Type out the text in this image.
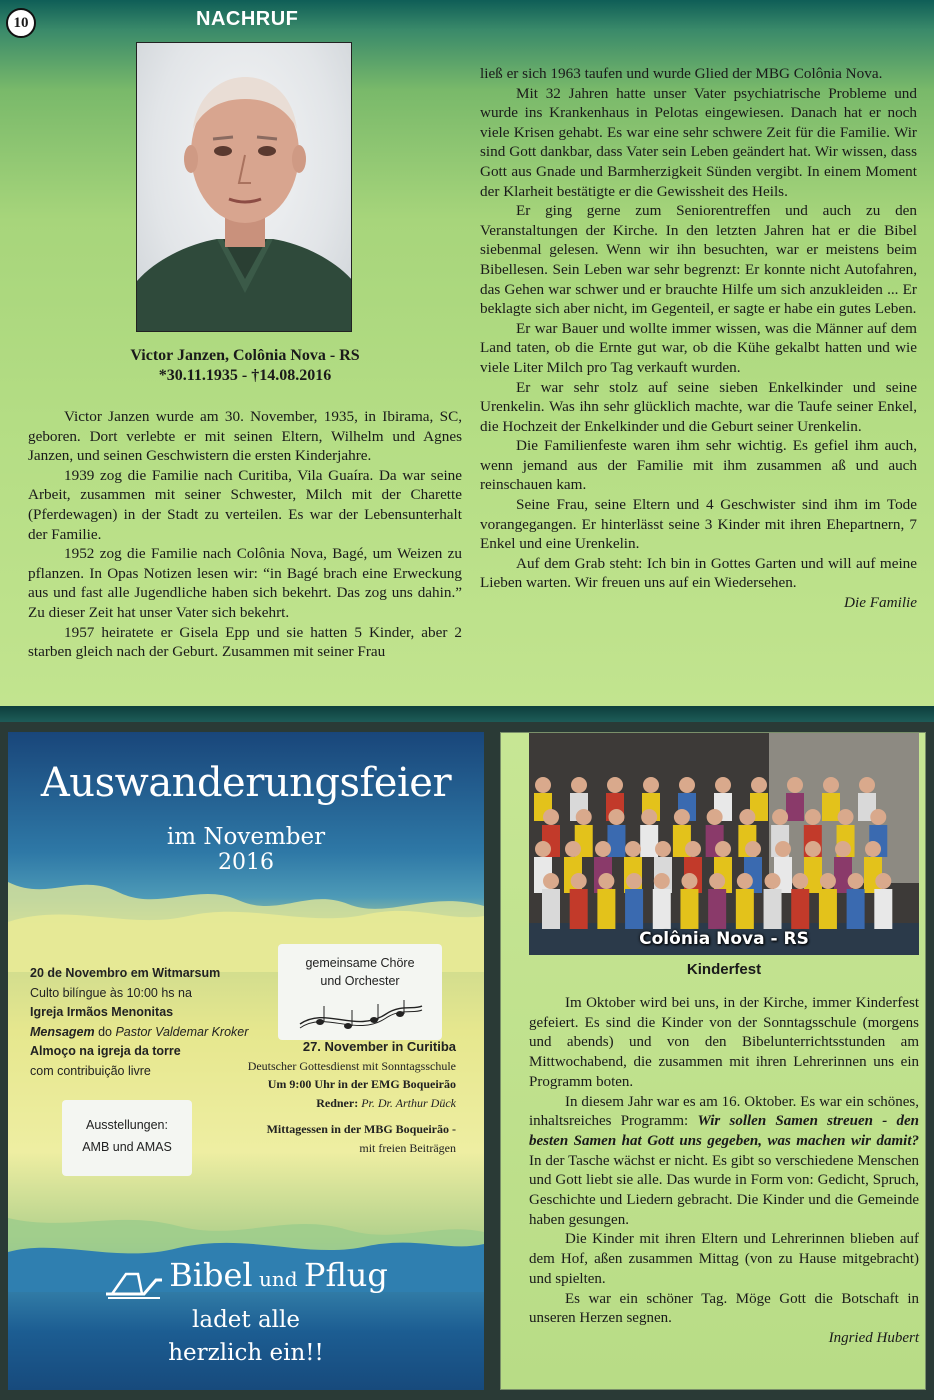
10	NACHRUF
Victor Janzen, Colônia Nova - RS
*30.11.1935 - †14.08.2016

Victor Janzen wurde am 30. November, 1935, in Ibirama, SC, geboren. Dort verlebte er mit seinen Eltern, Wilhelm und Agnes Janzen, und seinen Geschwistern die ersten Kinderjahre.

1939 zog die Familie nach Curitiba, Vila Guaíra. Da war seine Arbeit, zusammen mit seiner Schwester, Milch mit der Charette (Pferdewagen) in der Stadt zu verteilen. Es war der Lebensunterhalt der Familie.

1952 zog die Familie nach Colônia Nova, Bagé, um Weizen zu pflanzen. In Opas Notizen lesen wir: “in Bagé brach eine Erweckung aus und fast alle Jugendliche haben sich bekehrt. Das zog uns dahin.” Zu dieser Zeit hat unser Vater sich bekehrt.

1957 heiratete er Gisela Epp und sie hatten 5 Kinder, aber 2 starben gleich nach der Geburt. Zusammen mit seiner Frau

ließ er sich 1963 taufen und wurde Glied der MBG Colônia Nova.

Mit 32 Jahren hatte unser Vater psychiatrische Probleme und wurde ins Krankenhaus in Pelotas eingewiesen. Danach hat er noch viele Krisen gehabt. Es war eine sehr schwere Zeit für die Familie. Wir sind Gott dankbar, dass Vater sein Leben geändert hat. Wir wissen, dass Gott aus Gnade und Barmherzigkeit Sünden vergibt. In einem Moment der Klarheit bestätigte er die Gewissheit des Heils.

Er ging gerne zum Seniorentreffen und auch zu den Veranstaltungen der Kirche. In den letzten Jahren hat er die Bibel siebenmal gelesen. Wenn wir ihn besuchten, war er meistens beim Bibellesen. Sein Leben war sehr begrenzt: Er konnte nicht Autofahren, das Gehen war schwer und er brauchte Hilfe um sich anzukleiden ... Er beklagte sich aber nicht, im Gegenteil, er sagte er habe ein gutes Leben.

Er war Bauer und wollte immer wissen, was die Männer auf dem Land taten, ob die Ernte gut war, ob die Kühe gekalbt hatten und wie viele Liter Milch pro Tag verkauft wurden.

Er war sehr stolz auf seine sieben Enkelkinder und seine Urenkelin. Was ihn sehr glücklich machte, war die Taufe seiner Enkel, die Hochzeit der Enkelkinder und die Geburt seiner Urenkelin.

Die Familienfeste waren ihm sehr wichtig. Es gefiel ihm auch, wenn jemand aus der Familie mit ihm zusammen aß und auch reinschauen kam.

Seine Frau, seine Eltern und 4 Geschwister sind ihm im Tode vorangegangen. Er hinterlässt seine 3 Kinder mit ihren Ehepartnern, 7 Enkel und eine Urenkelin.

Auf dem Grab steht: Ich bin in Gottes Garten und will auf meine Lieben warten. Wir freuen uns auf ein Wiedersehen.

Die Familie
Auswanderungsfeier
im November
2016
20 de Novembro em Witmarsum
Culto bilíngue às 10:00 hs na
Igreja Irmãos Menonitas
Mensagem do Pastor Valdemar Kroker
Almoço na igreja da torre
com contribuição livre
gemeinsame Chöre
und Orchester
27. November in Curitiba
Deutscher Gottesdienst mit Sonntagsschule
Um 9:00 Uhr in der EMG Boqueirão
Redner: Pr. Dr. Arthur Dück
Mittagessen in der MBG Boqueirão -
mit freien Beiträgen
Ausstellungen:
AMB und AMAS
Bibel und Pflug
ladet alle
herzlich ein!!
Colônia Nova - RS
Kinderfest

Im Oktober wird bei uns, in der Kirche, immer Kinderfest gefeiert. Es sind die Kinder von der Sonntagsschule (morgens und abends) und von den Bibelunterrichtsstunden am Mittwochabend, die zusammen mit ihren Lehrerinnen uns ein Programm boten.

In diesem Jahr war es am 16. Oktober. Es war ein schönes, inhaltsreiches Programm: Wir sollen Samen streuen - den besten Samen hat Gott uns gegeben, was machen wir damit? In der Tasche wächst er nicht. Es gibt so verschiedene Menschen und Gott liebt sie alle. Das wurde in Form von: Gedicht, Spruch, Geschichte und Liedern gebracht. Die Kinder und die Gemeinde haben gesungen.

Die Kinder mit ihren Eltern und Lehrerinnen blieben auf dem Hof, aßen zusammen Mittag (von zu Hause mitgebracht) und spielten.

Es war ein schöner Tag. Möge Gott die Botschaft in unseren Herzen segnen.

Ingried Hubert
